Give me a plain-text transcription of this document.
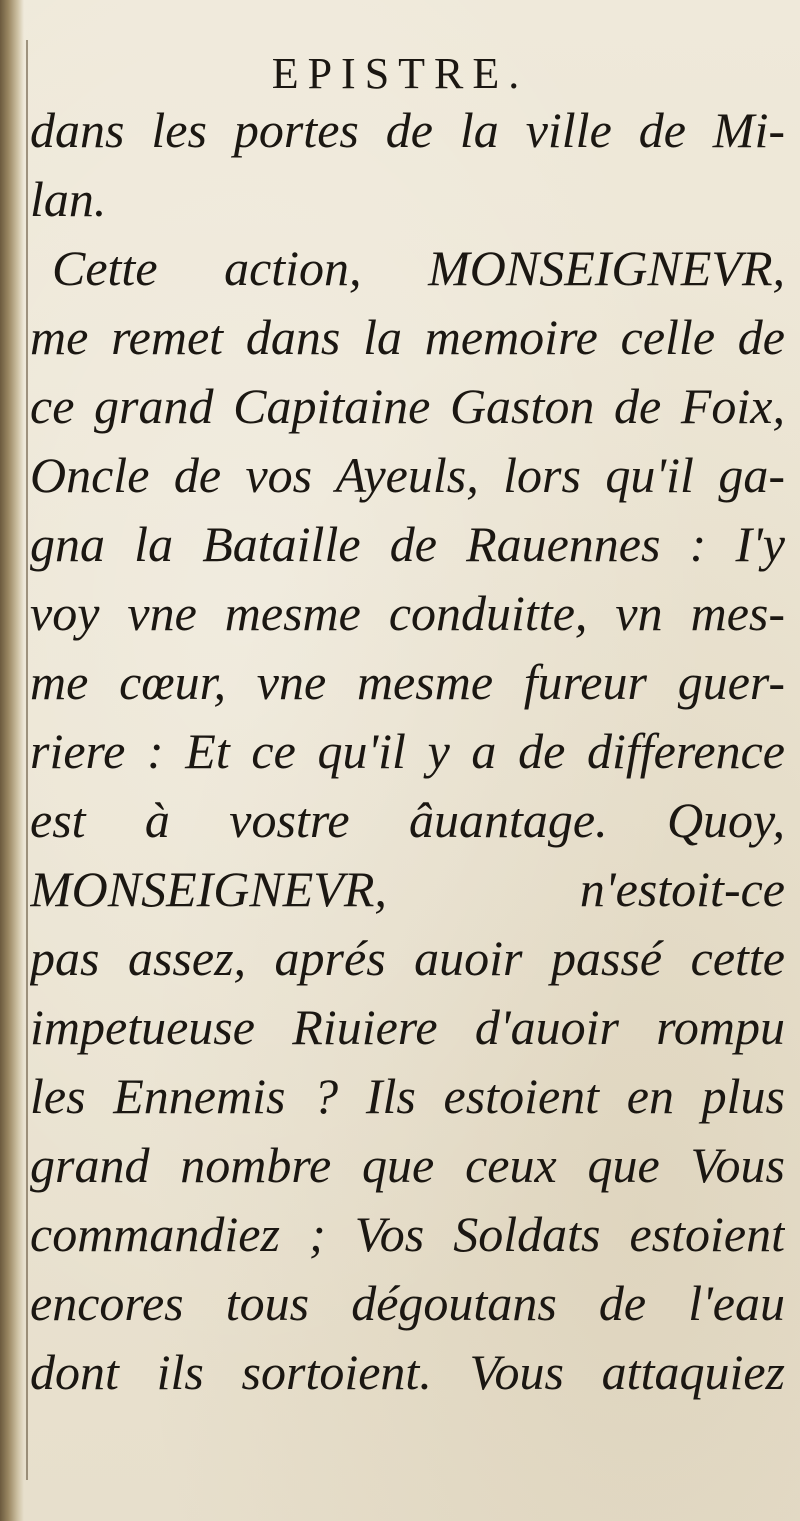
EPISTRE.
dans les portes de la ville de Mi-
lan.
Cette action, MONSEIGNEVR,
me remet dans la memoire celle de
ce grand Capitaine Gaston de Foix,
Oncle de vos Ayeuls, lors qu'il ga-
gna la Bataille de Rauennes : I'y
voy vne mesme conduitte, vn mes-
me cœur, vne mesme fureur guer-
riere : Et ce qu'il y a de difference
est à vostre âuantage. Quoy,
MONSEIGNEVR, n'estoit-ce
pas assez, aprés auoir passé cette
impetueuse Riuiere d'auoir rompu
les Ennemis ? Ils estoient en plus
grand nombre que ceux que Vous
commandiez ; Vos Soldats estoient
encores tous dégoutans de l'eau
dont ils sortoient. Vous attaquiez
